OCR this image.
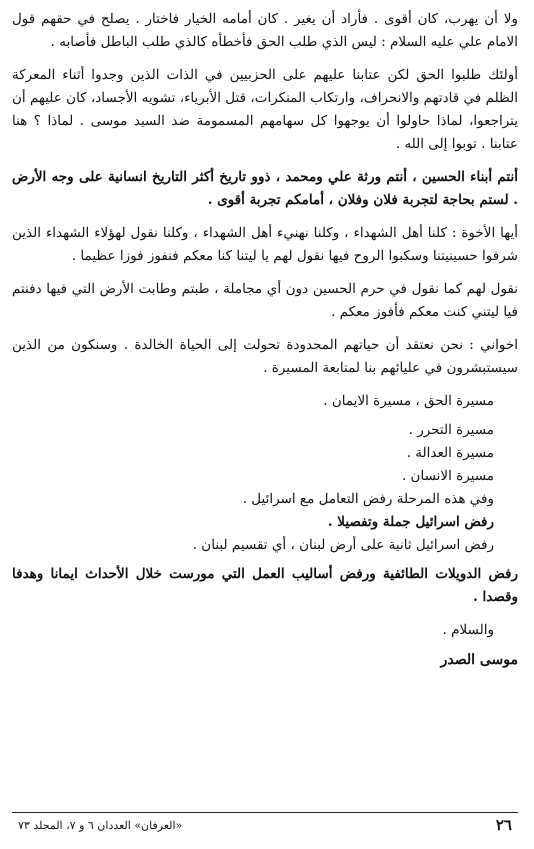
ولا أن يهرب، كان أقوى . فأراد أن يغير . كان أمامه الخيار فاختار . يصلح في حقهم قول الامام علي عليه السلام : ليس الذي طلب الحق فأخطأه كالذي طلب الباطل فأصابه .

أولئك طلبوا الحق لكن عتابنا عليهم على الحزبيين في الذات الذين وجدوا أثناء المعركة الظلم في قادتهم والانحراف، وارتكاب المنكرات، قتل الأبرياء، تشويه الأجساد، كان عليهم أن يتراجعوا، لماذا حاولوا أن يوجهوا كل سهامهم المسمومة ضد السيد موسى . لماذا ؟ هنا عتابنا . توبوا إلى الله .

أنتم أبناء الحسين ، أنتم ورثة علي ومحمد ، ذوو تاريخ أكثر التاريخ انسانية على وجه الأرض . لستم بحاجة لتجربة فلان وفلان ، أمامكم تجربة أقوى .

أيها الأخوة : كلنا أهل الشهداء ، وكلنا نهنيء أهل الشهداء ، وكلنا نقول لهؤلاء الشهداء الذين شرفوا حسينيتنا وسكبوا الروح فيها نقول لهم يا ليتنا كنا معكم فنفوز فوزا عظيما .

نقول لهم كما نقول في حرم الحسين دون أي مجاملة ، طبتم وطابت الأرض التي فيها دفنتم فيا ليتني كنت معكم فأفوز معكم .

اخواني : نحن نعتقد أن حياتهم المحدودة تحولت إلى الحياة الخالدة . وسنكون من الذين سيستبشرون في عليائهم بنا لمتابعة المسيرة .

مسيرة الحق ، مسيرة الايمان .
مسيرة التحرر .
مسيرة العدالة .
مسيرة الانسان .
وفي هذه المرحلة رفض التعامل مع اسرائيل .
رفض اسرائيل جملة وتفصيلا .
رفض اسرائيل ثانية على أرض لبنان ، أي تقسيم لبنان .

رفض الدويلات الطائفية ورفض أساليب العمل التي مورست خلال الأحداث ايمانا وهدفا وقصدا .

والسلام .

موسى الصدر
٢٦
«العرفان» العددان ٦ و ٧، المجلد ٧٣
